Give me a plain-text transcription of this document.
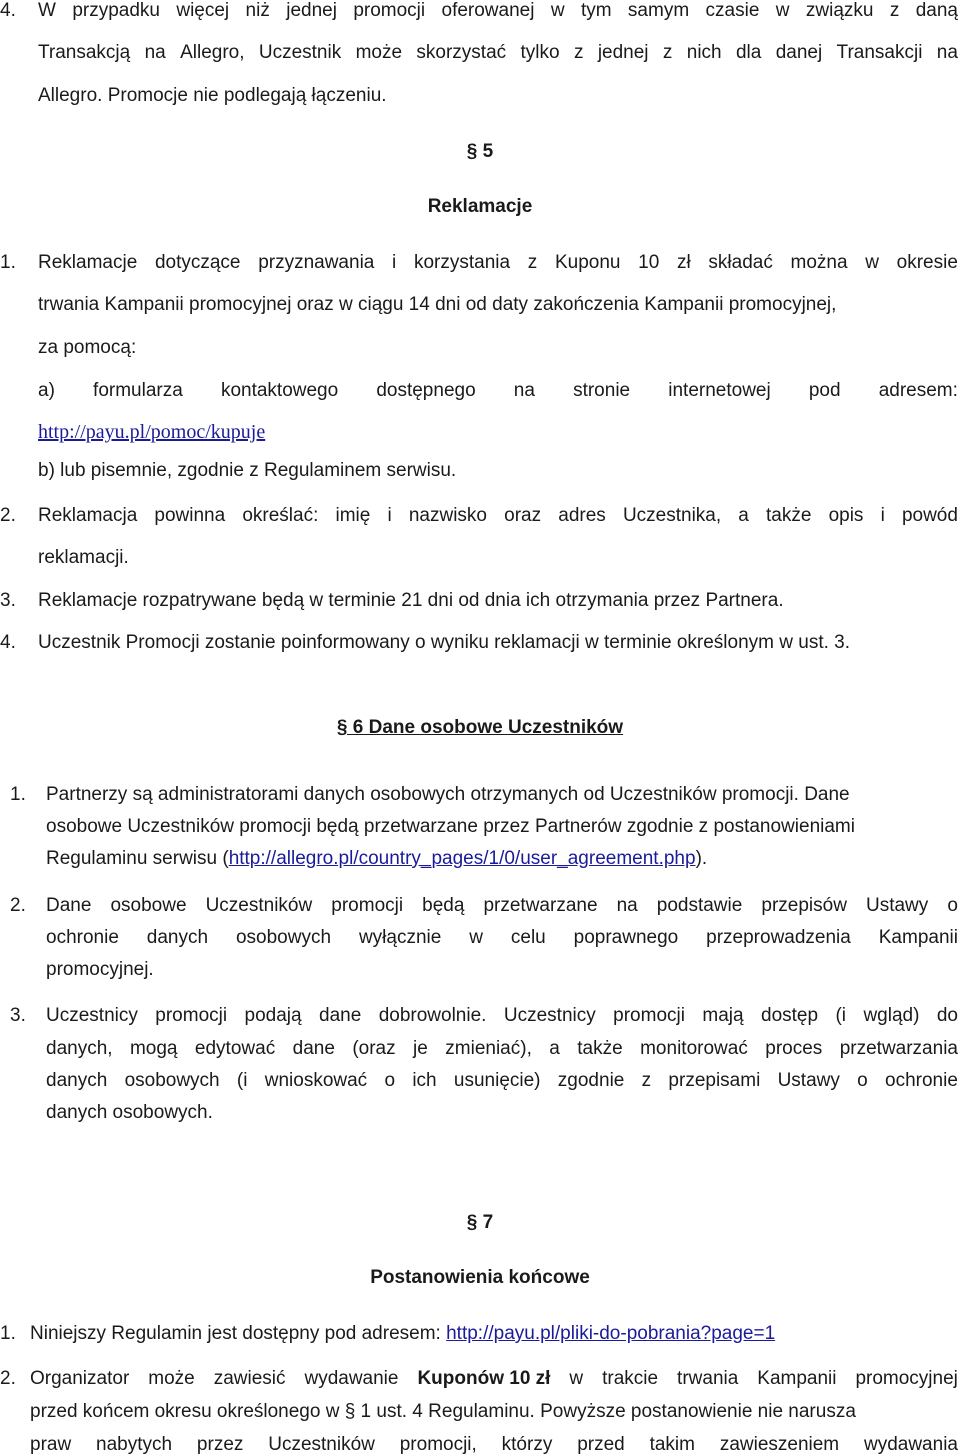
4. W przypadku więcej niż jednej promocji oferowanej w tym samym czasie w związku z daną
Transakcją na Allegro, Uczestnik może skorzystać tylko z jednej z nich dla danej Transakcji na
Allegro. Promocje nie podlegają łączeniu.
§ 5
Reklamacje
1. Reklamacje dotyczące przyznawania i korzystania z Kuponu 10 zł składać można w okresie
trwania Kampanii promocyjnej oraz w ciągu 14 dni od daty zakończenia Kampanii promocyjnej,
za pomocą:
a) formularza kontaktowego dostępnego na stronie internetowej pod adresem:
http://payu.pl/pomoc/kupuje
b) lub pisemnie, zgodnie z Regulaminem serwisu.
2. Reklamacja powinna określać: imię i nazwisko oraz adres Uczestnika, a także opis i powód
reklamacji.
3. Reklamacje rozpatrywane będą w terminie 21 dni od dnia ich otrzymania przez Partnera.
4. Uczestnik Promocji zostanie poinformowany o wyniku reklamacji w terminie określonym w ust. 3.
§ 6 Dane osobowe Uczestników
1. Partnerzy są administratorami danych osobowych otrzymanych od Uczestników promocji. Dane
osobowe Uczestników promocji będą przetwarzane przez Partnerów zgodnie z postanowieniami
Regulaminu serwisu (http://allegro.pl/country_pages/1/0/user_agreement.php).
2. Dane osobowe Uczestników promocji będą przetwarzane na podstawie przepisów Ustawy o
ochronie danych osobowych wyłącznie w celu poprawnego przeprowadzenia Kampanii
promocyjnej.
3. Uczestnicy promocji podają dane dobrowolnie. Uczestnicy promocji mają dostęp (i wgląd) do
danych, mogą edytować dane (oraz je zmieniać), a także monitorować proces przetwarzania
danych osobowych (i wnioskować o ich usunięcie) zgodnie z przepisami Ustawy o ochronie
danych osobowych.
§ 7
Postanowienia końcowe
1. Niniejszy Regulamin jest dostępny pod adresem: http://payu.pl/pliki-do-pobrania?page=1
2. Organizator może zawiesić wydawanie Kuponów 10 zł w trakcie trwania Kampanii promocyjnej
przed końcem okresu określonego w § 1 ust. 4 Regulaminu. Powyższe postanowienie nie narusza
praw nabytych przez Uczestników promocji, którzy przed takim zawieszeniem wydawania
